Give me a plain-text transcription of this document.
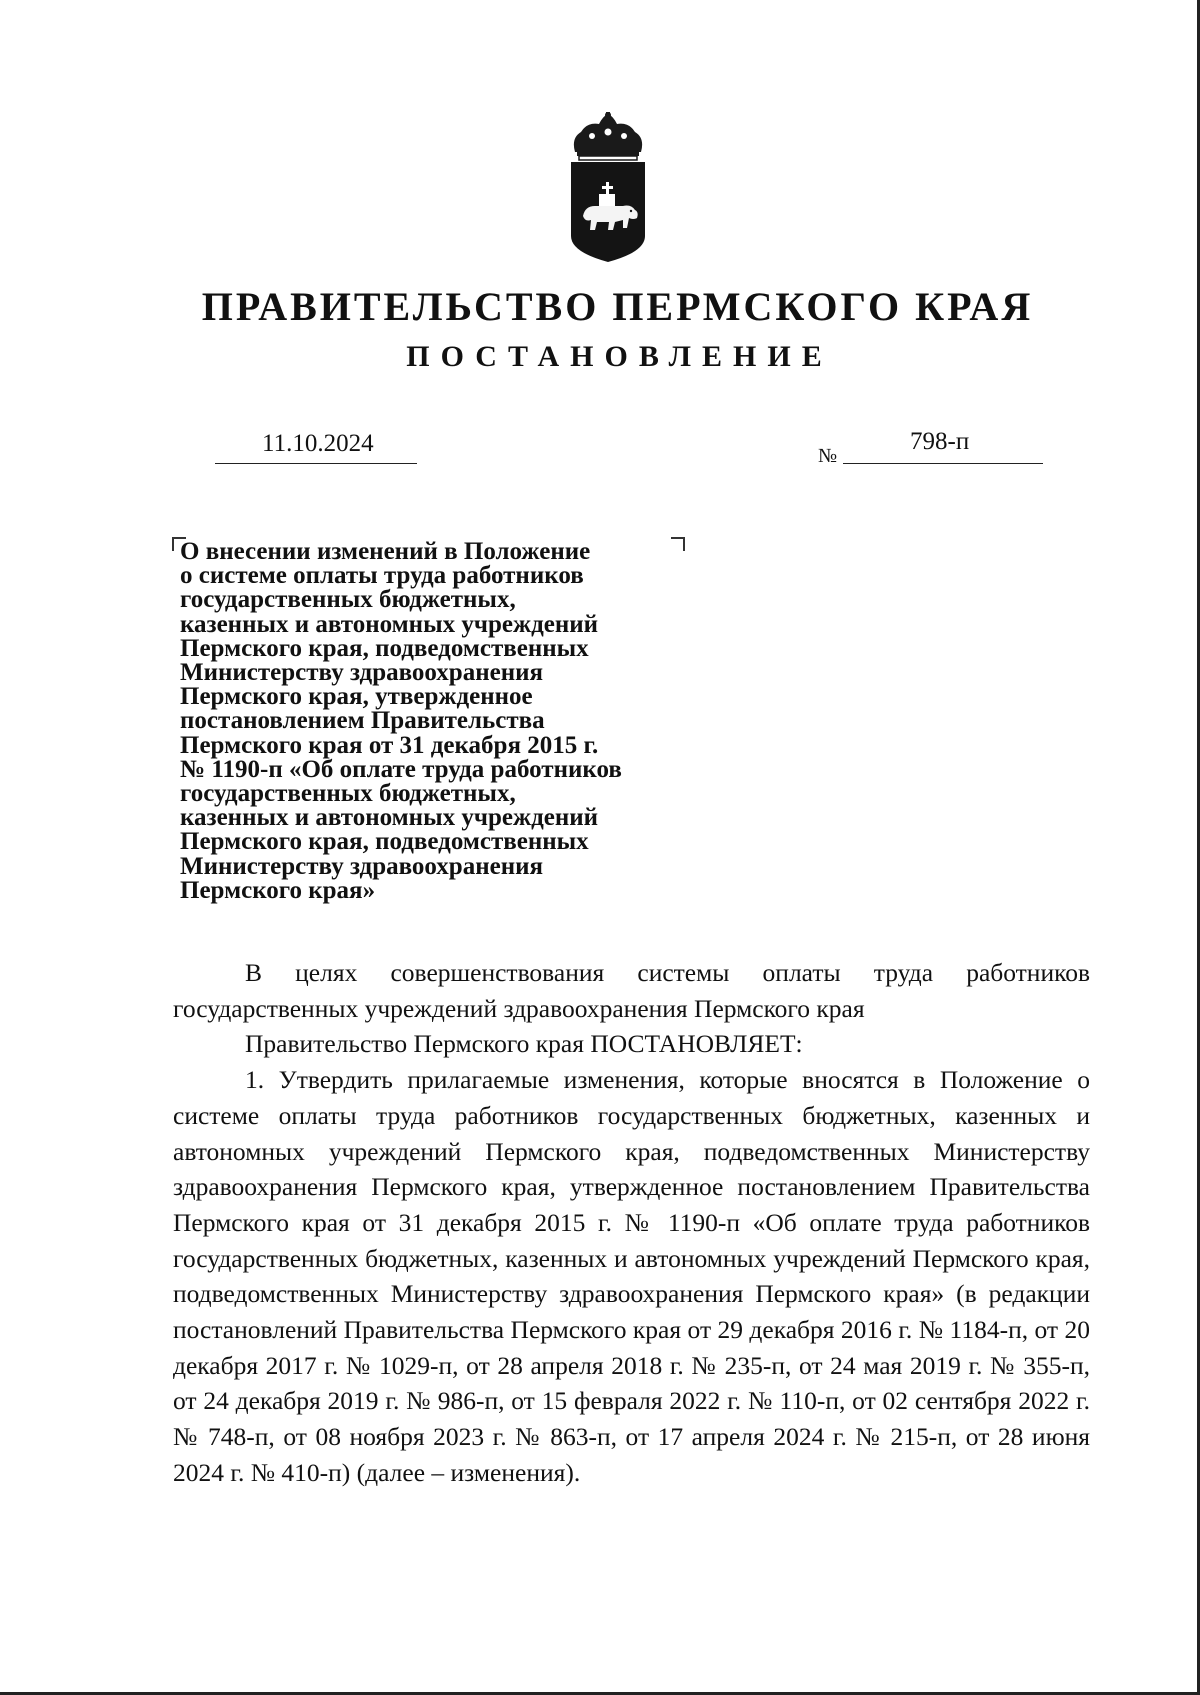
ПРАВИТЕЛЬСТВО ПЕРМСКОГО КРАЯ
ПОСТАНОВЛЕНИЕ
11.10.2024	№
798-п
О внесении изменений в Положение
о системе оплаты труда работников
государственных бюджетных,
казенных и автономных учреждений
Пермского края, подведомственных
Министерству здравоохранения
Пермского края, утвержденное
постановлением Правительства
Пермского края от 31 декабря 2015 г.
№ 1190-п «Об оплате труда работников
государственных бюджетных,
казенных и автономных учреждений
Пермского края, подведомственных
Министерству здравоохранения
Пермского края»

В целях совершенствования системы оплаты труда работников государственных учреждений здравоохранения Пермского края

Правительство Пермского края ПОСТАНОВЛЯЕТ:

1. Утвердить прилагаемые изменения, которые вносятся в Положение о системе оплаты труда работников государственных бюджетных, казенных и автономных учреждений Пермского края, подведомственных Министерству здравоохранения Пермского края, утвержденное постановлением Правительства Пермского края от 31 декабря 2015 г. № 1190-п «Об оплате труда работников государственных бюджетных, казенных и автономных учреждений Пермского края, подведомственных Министерству здравоохранения Пермского края» (в редакции постановлений Правительства Пермского края от 29 декабря 2016 г. № 1184-п, от 20 декабря 2017 г. № 1029-п, от 28 апреля 2018 г. № 235-п, от 24 мая 2019 г. № 355-п, от 24 декабря 2019 г. № 986-п, от 15 февраля 2022 г. № 110-п, от 02 сентября 2022 г. № 748-п, от 08 ноября 2023 г. № 863-п, от 17 апреля 2024 г. № 215-п, от 28 июня 2024 г. № 410-п) (далее – изменения).
